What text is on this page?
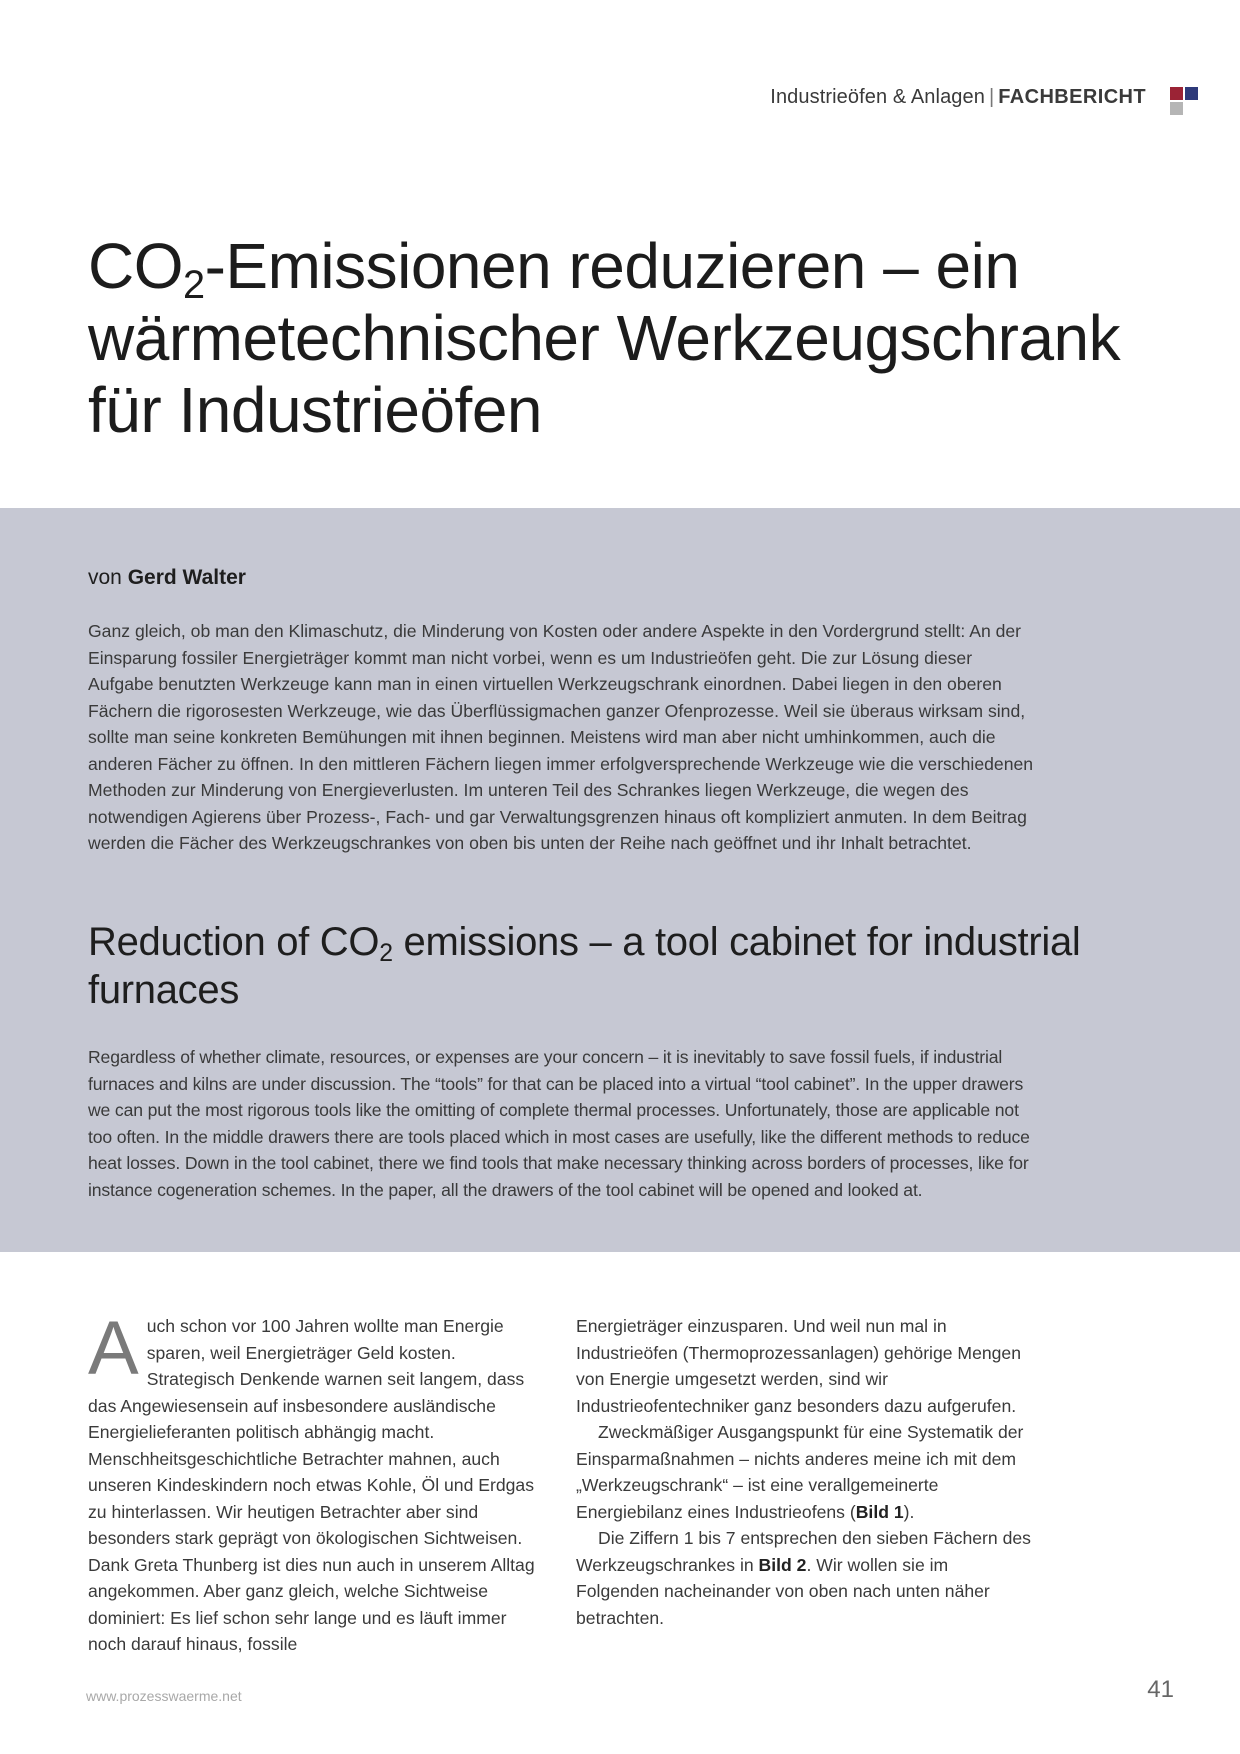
Industrieöfen & Anlagen | FACHBERICHT
$CO_2$-Emissionen reduzieren – ein wärmetechnischer Werkzeugschrank für Industrieöfen
von Gerd Walter

Ganz gleich, ob man den Klimaschutz, die Minderung von Kosten oder andere Aspekte in den Vordergrund stellt: An der Einsparung fossiler Energieträger kommt man nicht vorbei, wenn es um Industrieöfen geht. Die zur Lösung dieser Aufgabe benutzten Werkzeuge kann man in einen virtuellen Werkzeugschrank einordnen. Dabei liegen in den oberen Fächern die rigorosesten Werkzeuge, wie das Überflüssigmachen ganzer Ofenprozesse. Weil sie überaus wirksam sind, sollte man seine konkreten Bemühungen mit ihnen beginnen. Meistens wird man aber nicht umhinkommen, auch die anderen Fächer zu öffnen. In den mittleren Fächern liegen immer erfolgversprechende Werkzeuge wie die verschiedenen Methoden zur Minderung von Energieverlusten. Im unteren Teil des Schrankes liegen Werkzeuge, die wegen des notwendigen Agierens über Prozess-, Fach- und gar Verwaltungsgrenzen hinaus oft kompliziert anmuten. In dem Beitrag werden die Fächer des Werkzeugschrankes von oben bis unten der Reihe nach geöffnet und ihr Inhalt betrachtet.

Reduction of $CO_2$ emissions – a tool cabinet for industrial furnaces

Regardless of whether climate, resources, or expenses are your concern – it is inevitably to save fossil fuels, if industrial furnaces and kilns are under discussion. The “tools” for that can be placed into a virtual “tool cabinet”. In the upper drawers we can put the most rigorous tools like the omitting of complete thermal processes. Unfortunately, those are applicable not too often. In the middle drawers there are tools placed which in most cases are usefully, like the different methods to reduce heat losses. Down in the tool cabinet, there we find tools that make necessary thinking across borders of processes, like for instance cogeneration schemes. In the paper, all the drawers of the tool cabinet will be opened and looked at.

Auch schon vor 100 Jahren wollte man Energie sparen, weil Energieträger Geld kosten. Strategisch Denkende warnen seit langem, dass das Angewiesensein auf insbesondere ausländische Energielieferanten politisch abhängig macht. Menschheitsgeschichtliche Betrachter mahnen, auch unseren Kindeskindern noch etwas Kohle, Öl und Erdgas zu hinterlassen. Wir heutigen Betrachter aber sind besonders stark geprägt von ökologischen Sichtweisen. Dank Greta Thunberg ist dies nun auch in unserem Alltag angekommen. Aber ganz gleich, welche Sichtweise dominiert: Es lief schon sehr lange und es läuft immer noch darauf hinaus, fossile

Energieträger einzusparen. Und weil nun mal in Industrieöfen (Thermoprozessanlagen) gehörige Mengen von Energie umgesetzt werden, sind wir Industrieofentechniker ganz besonders dazu aufgerufen.

Zweckmäßiger Ausgangspunkt für eine Systematik der Einsparmaßnahmen – nichts anderes meine ich mit dem „Werkzeugschrank“ – ist eine verallgemeinerte Energiebilanz eines Industrieofens (Bild 1).

Die Ziffern 1 bis 7 entsprechen den sieben Fächern des Werkzeugschrankes in Bild 2. Wir wollen sie im Folgenden nacheinander von oben nach unten näher betrachten.

www.prozesswaerme.net	41
